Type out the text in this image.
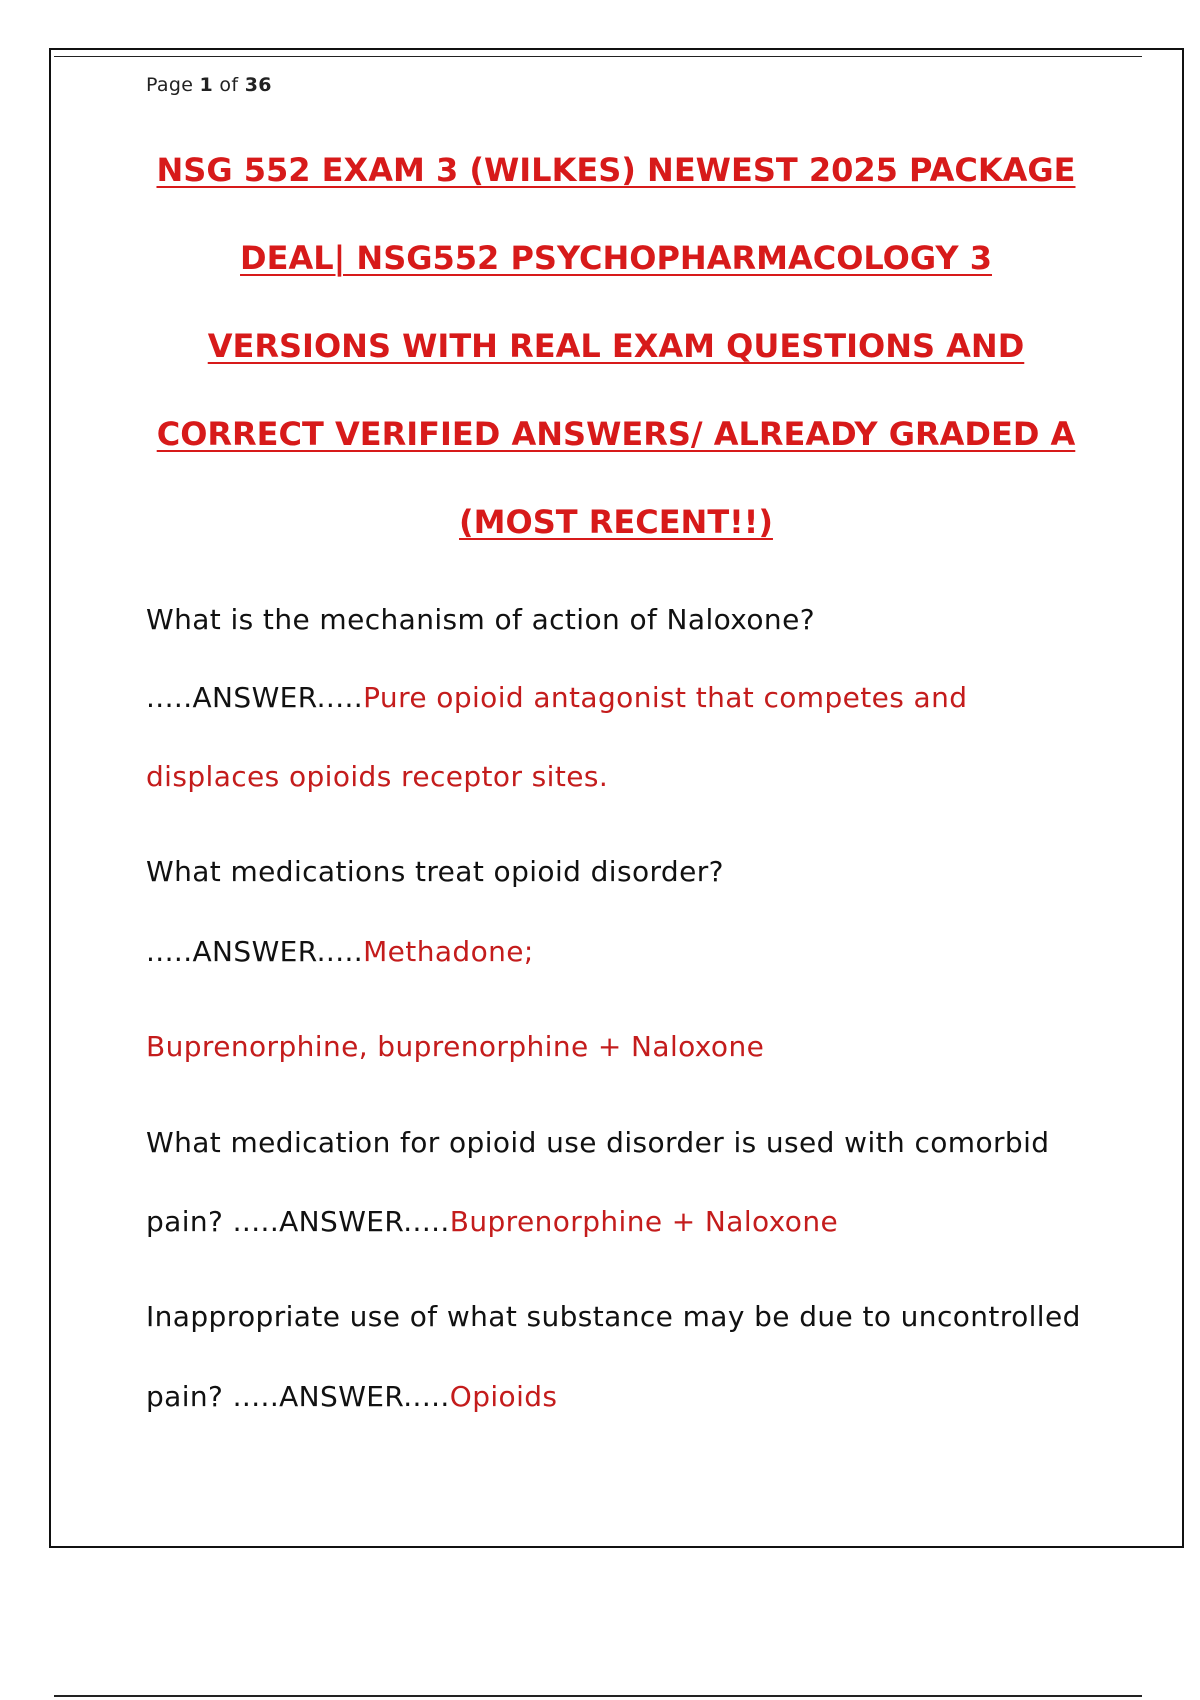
Page 1 of 36
NSG 552 EXAM 3 (WILKES) NEWEST 2025 PACKAGE
DEAL| NSG552 PSYCHOPHARMACOLOGY 3
VERSIONS WITH REAL EXAM QUESTIONS AND
CORRECT VERIFIED ANSWERS/ ALREADY GRADED A
(MOST RECENT!!)
What is the mechanism of action of Naloxone?
.....ANSWER.....Pure opioid antagonist that competes and
displaces opioids receptor sites.
What medications treat opioid disorder?
.....ANSWER.....Methadone;
Buprenorphine, buprenorphine + Naloxone
What medication for opioid use disorder is used with comorbid
pain? .....ANSWER.....Buprenorphine + Naloxone
Inappropriate use of what substance may be due to uncontrolled
pain? .....ANSWER.....Opioids
